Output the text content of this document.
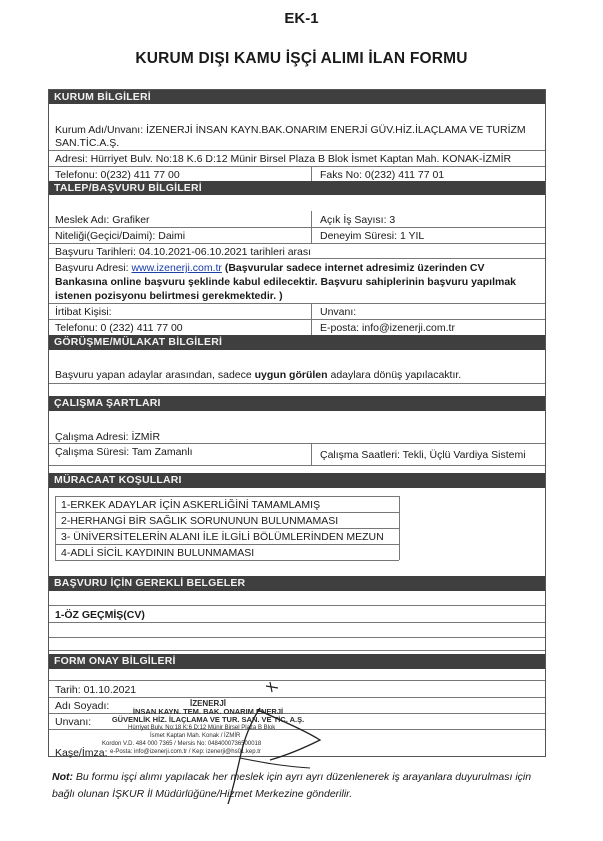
EK-1
KURUM DIŞI KAMU İŞÇİ ALIMI İLAN FORMU
KURUM BİLGİLERİ
Kurum Adı/Unvanı: İZENERJİ İNSAN KAYN.BAK.ONARIM ENERJİ GÜV.HİZ.İLAÇLAMA VE TURİZM
SAN.TİC.A.Ş.
Adresi: Hürriyet Bulv. No:18 K.6 D:12 Münir Birsel Plaza B Blok İsmet Kaptan Mah. KONAK-İZMİR
Telefonu: 0(232) 411 77 00	Faks No: 0(232) 411 77 01
TALEP/BAŞVURU BİLGİLERİ
Meslek Adı: Grafiker	Açık İş Sayısı: 3
Niteliği(Geçici/Daimi): Daimi	Deneyim Süresi: 1 YIL
Başvuru Tarihleri: 04.10.2021-06.10.2021 tarihleri arası
Başvuru Adresi: www.izenerji.com.tr (Başvurular sadece internet adresimiz üzerinden CV
Bankasına online başvuru şeklinde kabul edilecektir. Başvuru sahiplerinin başvuru yapılmak
istenen pozisyonu belirtmesi gerekmektedir. )
İrtibat Kişisi:	Unvanı:
Telefonu: 0 (232) 411 77 00	E-posta: info@izenerji.com.tr
GÖRÜŞME/MÜLAKAT BİLGİLERİ
Başvuru yapan adaylar arasından, sadece uygun görülen adaylara dönüş yapılacaktır.
ÇALIŞMA ŞARTLARI
Çalışma Adresi: İZMİR
Çalışma Süresi: Tam Zamanlı	Çalışma Saatleri: Tekli, Üçlü Vardiya Sistemi
MÜRACAAT KOŞULLARI
1-ERKEK ADAYLAR İÇİN ASKERLİĞİNİ TAMAMLAMIŞ
2-HERHANGİ BİR SAĞLIK SORUNUNUN BULUNMAMASI
3- ÜNİVERSİTELERİN ALANI İLE İLGİLİ BÖLÜMLERİNDEN MEZUN
4-ADLİ SİCİL KAYDININ BULUNMAMASI
BAŞVURU İÇİN GEREKLİ BELGELER
1-ÖZ GEÇMİŞ(CV)
FORM ONAY BİLGİLERİ
Tarih: 01.10.2021
Adı Soyadı:
Unvanı:
Kaşe/İmza:
İZENERJİ
İNSAN KAYN. TEM. BAK. ONARIM ENERJİ
GÜVENLİK HİZ. İLAÇLAMA VE TUR. SAN. VE TİC. A.Ş.
Hürriyet Bulv. No:18 K:6 D:12 Münir Birsel Plaza B Blok
İsmet Kaptan Mah. Konak / İZMİR
Kordon V.D. 484 000 7365 / Mersis No: 0484000736500018
e-Posta: info@izenerji.com.tr / Kep: izenerji@hs01.kep.tr
Not: Bu formu işçi alımı yapılacak her meslek için ayrı ayrı düzenlenerek iş arayanlara duyurulması için
bağlı olunan İŞKUR İl Müdürlüğüne/Hizmet Merkezine gönderilir.
